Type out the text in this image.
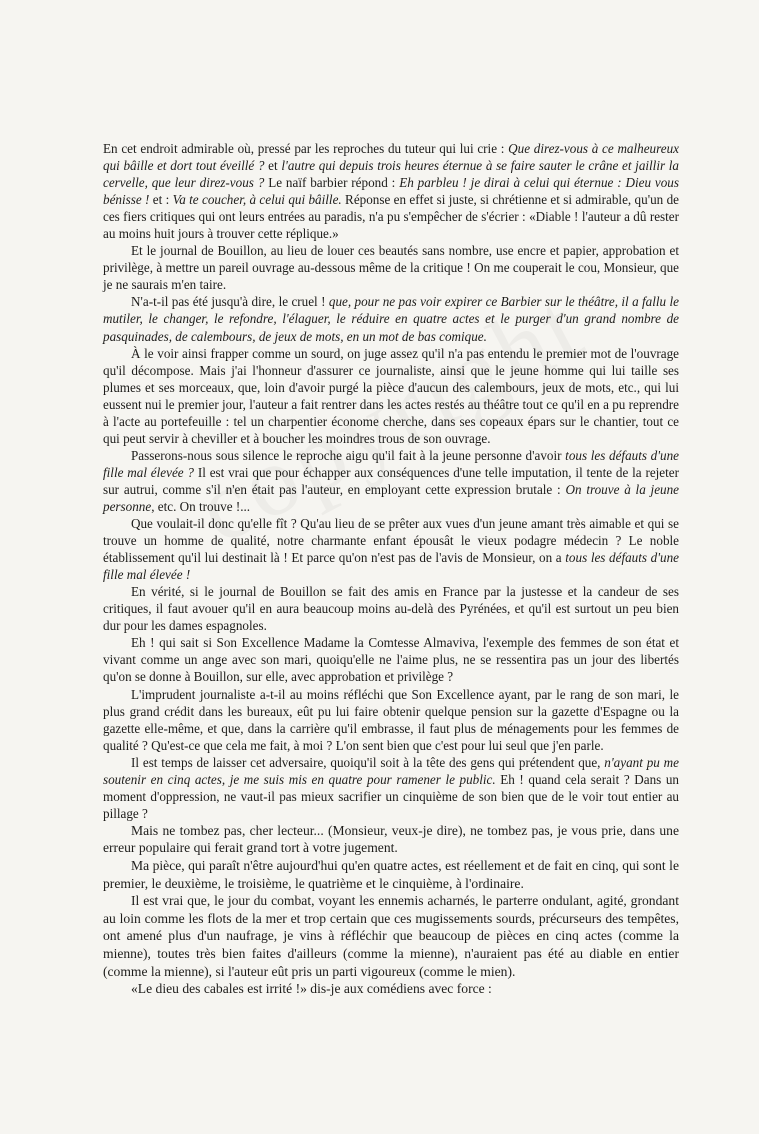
En cet endroit admirable où, pressé par les reproches du tuteur qui lui crie : Que direz-vous à ce malheureux qui bâille et dort tout éveillé ? et l'autre qui depuis trois heures éternue à se faire sauter le crâne et jaillir la cervelle, que leur direz-vous ? Le naïf barbier répond : Eh parbleu ! je dirai à celui qui éternue : Dieu vous bénisse ! et : Va te coucher, à celui qui bâille. Réponse en effet si juste, si chrétienne et si admirable, qu'un de ces fiers critiques qui ont leurs entrées au paradis, n'a pu s'empêcher de s'écrier : «Diable ! l'auteur a dû rester au moins huit jours à trouver cette réplique.»

Et le journal de Bouillon, au lieu de louer ces beautés sans nombre, use encre et papier, approbation et privilège, à mettre un pareil ouvrage au-dessous même de la critique ! On me couperait le cou, Monsieur, que je ne saurais m'en taire.

N'a-t-il pas été jusqu'à dire, le cruel ! que, pour ne pas voir expirer ce Barbier sur le théâtre, il a fallu le mutiler, le changer, le refondre, l'élaguer, le réduire en quatre actes et le purger d'un grand nombre de pasquinades, de calembours, de jeux de mots, en un mot de bas comique.

À le voir ainsi frapper comme un sourd, on juge assez qu'il n'a pas entendu le premier mot de l'ouvrage qu'il décompose. Mais j'ai l'honneur d'assurer ce journaliste, ainsi que le jeune homme qui lui taille ses plumes et ses morceaux, que, loin d'avoir purgé la pièce d'aucun des calembours, jeux de mots, etc., qui lui eussent nui le premier jour, l'auteur a fait rentrer dans les actes restés au théâtre tout ce qu'il en a pu reprendre à l'acte au portefeuille : tel un charpentier économe cherche, dans ses copeaux épars sur le chantier, tout ce qui peut servir à cheviller et à boucher les moindres trous de son ouvrage.

Passerons-nous sous silence le reproche aigu qu'il fait à la jeune personne d'avoir tous les défauts d'une fille mal élevée ? Il est vrai que pour échapper aux conséquences d'une telle imputation, il tente de la rejeter sur autrui, comme s'il n'en était pas l'auteur, en employant cette expression brutale : On trouve à la jeune personne, etc. On trouve !...

Que voulait-il donc qu'elle fît ? Qu'au lieu de se prêter aux vues d'un jeune amant très aimable et qui se trouve un homme de qualité, notre charmante enfant épousât le vieux podagre médecin ? Le noble établissement qu'il lui destinait là ! Et parce qu'on n'est pas de l'avis de Monsieur, on a tous les défauts d'une fille mal élevée !

En vérité, si le journal de Bouillon se fait des amis en France par la justesse et la candeur de ses critiques, il faut avouer qu'il en aura beaucoup moins au-delà des Pyrénées, et qu'il est surtout un peu bien dur pour les dames espagnoles.

Eh ! qui sait si Son Excellence Madame la Comtesse Almaviva, l'exemple des femmes de son état et vivant comme un ange avec son mari, quoiqu'elle ne l'aime plus, ne se ressentira pas un jour des libertés qu'on se donne à Bouillon, sur elle, avec approbation et privilège ?

L'imprudent journaliste a-t-il au moins réfléchi que Son Excellence ayant, par le rang de son mari, le plus grand crédit dans les bureaux, eût pu lui faire obtenir quelque pension sur la gazette d'Espagne ou la gazette elle-même, et que, dans la carrière qu'il embrasse, il faut plus de ménagements pour les femmes de qualité ? Qu'est-ce que cela me fait, à moi ? L'on sent bien que c'est pour lui seul que j'en parle.

Il est temps de laisser cet adversaire, quoiqu'il soit à la tête des gens qui prétendent que, n'ayant pu me soutenir en cinq actes, je me suis mis en quatre pour ramener le public. Eh ! quand cela serait ? Dans un moment d'oppression, ne vaut-il pas mieux sacrifier un cinquième de son bien que de le voir tout entier au pillage ?

Mais ne tombez pas, cher lecteur... (Monsieur, veux-je dire), ne tombez pas, je vous prie, dans une erreur populaire qui ferait grand tort à votre jugement.

Ma pièce, qui paraît n'être aujourd'hui qu'en quatre actes, est réellement et de fait en cinq, qui sont le premier, le deuxième, le troisième, le quatrième et le cinquième, à l'ordinaire.

Il est vrai que, le jour du combat, voyant les ennemis acharnés, le parterre ondulant, agité, grondant au loin comme les flots de la mer et trop certain que ces mugissements sourds, précurseurs des tempêtes, ont amené plus d'un naufrage, je vins à réfléchir que beaucoup de pièces en cinq actes (comme la mienne), toutes très bien faites d'ailleurs (comme la mienne), n'auraient pas été au diable en entier (comme la mienne), si l'auteur eût pris un parti vigoureux (comme le mien).

«Le dieu des cabales est irrité !» dis-je aux comédiens avec force :
